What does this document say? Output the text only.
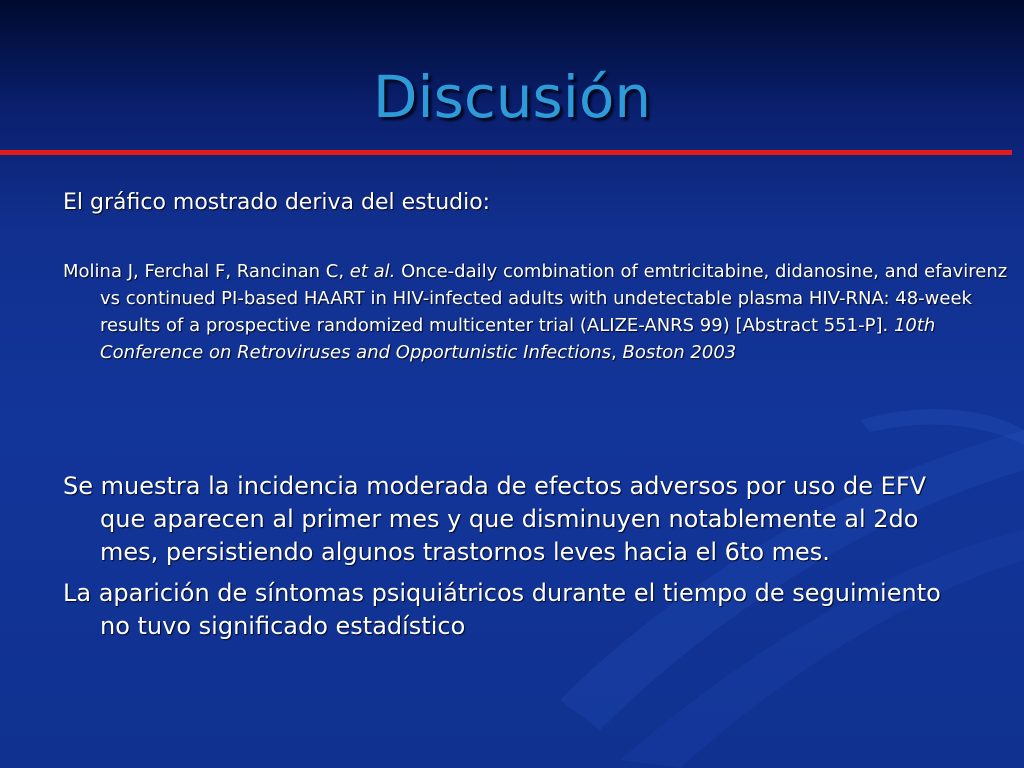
Discusión

El gráfico mostrado deriva del estudio:

Molina J, Ferchal F, Rancinan C, et al. Once-daily combination of emtricitabine, didanosine, and efavirenz vs continued PI-based HAART in HIV-infected adults with undetectable plasma HIV-RNA: 48-week results of a prospective randomized multicenter trial (ALIZE-ANRS 99) [Abstract 551-P]. 10th Conference on Retroviruses and Opportunistic Infections, Boston 2003

Se muestra la incidencia moderada de efectos adversos por uso de EFV que aparecen al primer mes y que disminuyen notablemente al 2do mes, persistiendo algunos trastornos leves hacia el 6to mes.
La aparición de síntomas psiquiátricos durante el tiempo de seguimiento no tuvo significado estadístico
